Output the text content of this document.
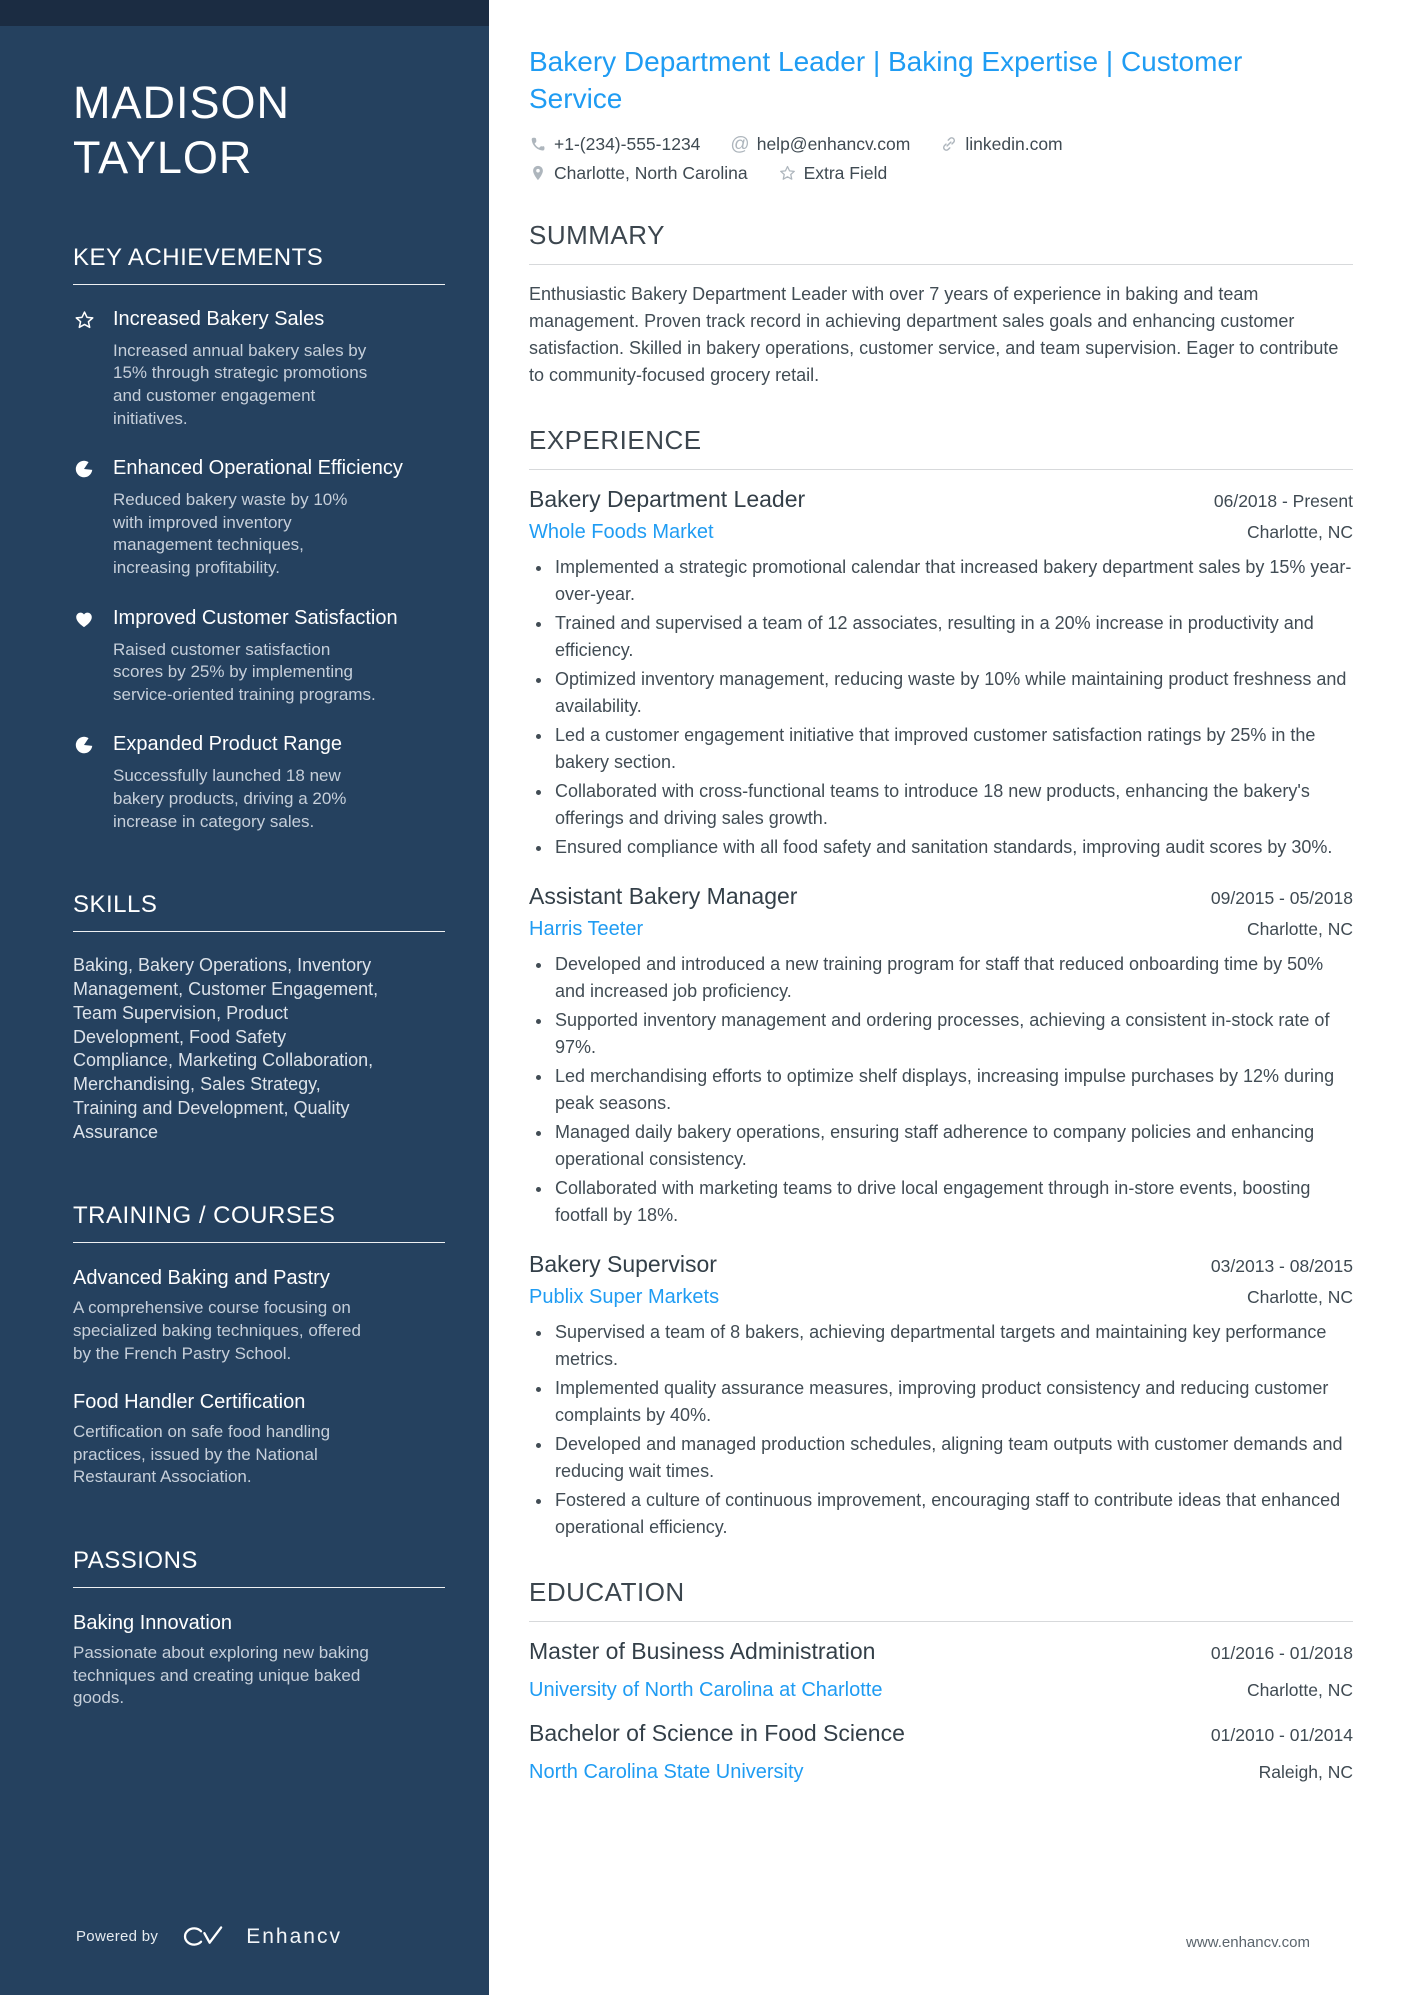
MADISON TAYLOR
KEY ACHIEVEMENTS
Increased Bakery Sales

Increased annual bakery sales by 15% through strategic promotions and customer engagement initiatives.

Enhanced Operational Efficiency

Reduced bakery waste by 10% with improved inventory management techniques, increasing profitability.

Improved Customer Satisfaction

Raised customer satisfaction scores by 25% by implementing service-oriented training programs.

Expanded Product Range

Successfully launched 18 new bakery products, driving a 20% increase in category sales.

SKILLS

Baking, Bakery Operations, Inventory Management, Customer Engagement, Team Supervision, Product Development, Food Safety Compliance, Marketing Collaboration, Merchandising, Sales Strategy, Training and Development, Quality Assurance

TRAINING / COURSES
Advanced Baking and Pastry

A comprehensive course focusing on specialized baking techniques, offered by the French Pastry School.

Food Handler Certification

Certification on safe food handling practices, issued by the National Restaurant Association.

PASSIONS
Baking Innovation

Passionate about exploring new baking techniques and creating unique baked goods.

Powered by	Enhancv
Bakery Department Leader | Baking Expertise | Customer Service
+1-(234)-555-1234 @ help@enhancv.com	linkedin.com
Charlotte, North Carolina	Extra Field
SUMMARY

Enthusiastic Bakery Department Leader with over 7 years of experience in baking and team management. Proven track record in achieving department sales goals and enhancing customer satisfaction. Skilled in bakery operations, customer service, and team supervision. Eager to contribute to community-focused grocery retail.

EXPERIENCE
Bakery Department Leader	06/2018 - Present
Whole Foods Market	Charlotte, NC
• Implemented a strategic promotional calendar that increased bakery department sales by 15% year-over-year.
• Trained and supervised a team of 12 associates, resulting in a 20% increase in productivity and efficiency.
• Optimized inventory management, reducing waste by 10% while maintaining product freshness and availability.
• Led a customer engagement initiative that improved customer satisfaction ratings by 25% in the bakery section.
• Collaborated with cross-functional teams to introduce 18 new products, enhancing the bakery's offerings and driving sales growth.
• Ensured compliance with all food safety and sanitation standards, improving audit scores by 30%.
Assistant Bakery Manager	09/2015 - 05/2018
Harris Teeter	Charlotte, NC
• Developed and introduced a new training program for staff that reduced onboarding time by 50% and increased job proficiency.
• Supported inventory management and ordering processes, achieving a consistent in-stock rate of 97%.
• Led merchandising efforts to optimize shelf displays, increasing impulse purchases by 12% during peak seasons.
• Managed daily bakery operations, ensuring staff adherence to company policies and enhancing operational consistency.
• Collaborated with marketing teams to drive local engagement through in-store events, boosting footfall by 18%.
Bakery Supervisor	03/2013 - 08/2015
Publix Super Markets	Charlotte, NC
• Supervised a team of 8 bakers, achieving departmental targets and maintaining key performance metrics.
• Implemented quality assurance measures, improving product consistency and reducing customer complaints by 40%.
• Developed and managed production schedules, aligning team outputs with customer demands and reducing wait times.
• Fostered a culture of continuous improvement, encouraging staff to contribute ideas that enhanced operational efficiency.
EDUCATION
Master of Business Administration	01/2016 - 01/2018
University of North Carolina at Charlotte	Charlotte, NC
Bachelor of Science in Food Science	01/2010 - 01/2014
North Carolina State University	Raleigh, NC
www.enhancv.com
